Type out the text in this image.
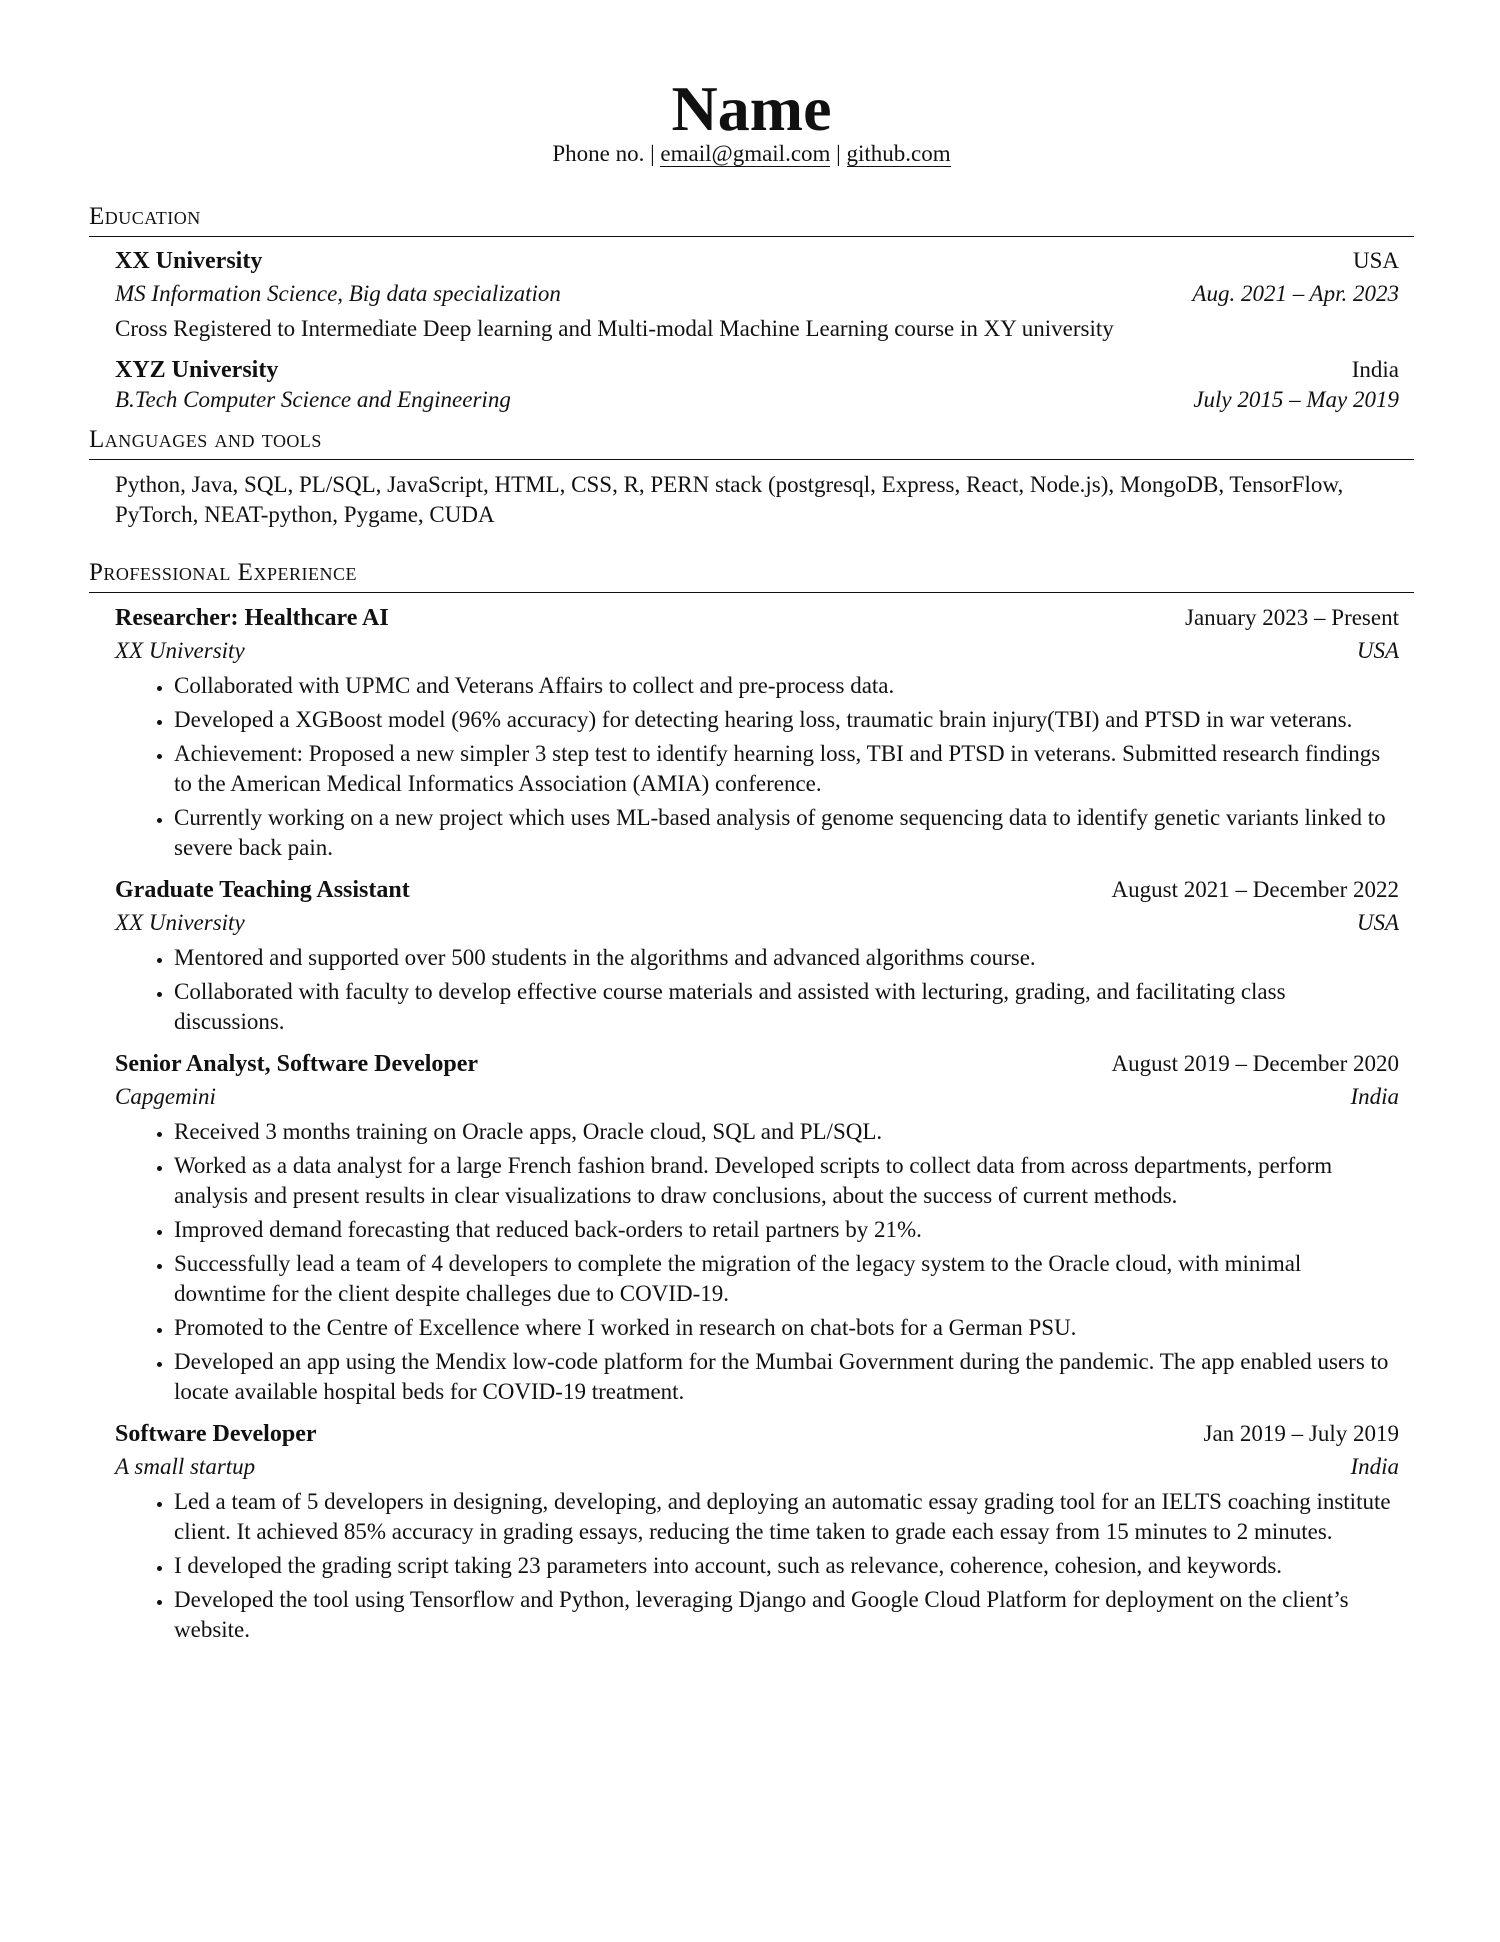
Name
Phone no. | email@gmail.com | github.com
Education
XX University	USA
MS Information Science, Big data specialization	Aug. 2021 – Apr. 2023
Cross Registered to Intermediate Deep learning and Multi-modal Machine Learning course in XY university
XYZ University	India
B.Tech Computer Science and Engineering	July 2015 – May 2019
Languages and tools
Python, Java, SQL, PL/SQL, JavaScript, HTML, CSS, R, PERN stack (postgresql, Express, React, Node.js), MongoDB, TensorFlow, PyTorch, NEAT-python, Pygame, CUDA
Professional Experience
Researcher: Healthcare AI	January 2023 – Present
XX University	USA
• Collaborated with UPMC and Veterans Affairs to collect and pre-process data.
• Developed a XGBoost model (96% accuracy) for detecting hearing loss, traumatic brain injury(TBI) and PTSD in war veterans.
• Achievement: Proposed a new simpler 3 step test to identify hearning loss, TBI and PTSD in veterans. Submitted research findings to the American Medical Informatics Association (AMIA) conference.
• Currently working on a new project which uses ML-based analysis of genome sequencing data to identify genetic variants linked to severe back pain.
Graduate Teaching Assistant	August 2021 – December 2022
XX University	USA
• Mentored and supported over 500 students in the algorithms and advanced algorithms course.
• Collaborated with faculty to develop effective course materials and assisted with lecturing, grading, and facilitating class discussions.
Senior Analyst, Software Developer	August 2019 – December 2020
Capgemini	India
• Received 3 months training on Oracle apps, Oracle cloud, SQL and PL/SQL.
• Worked as a data analyst for a large French fashion brand. Developed scripts to collect data from across departments, perform analysis and present results in clear visualizations to draw conclusions, about the success of current methods.
• Improved demand forecasting that reduced back-orders to retail partners by 21%.
• Successfully lead a team of 4 developers to complete the migration of the legacy system to the Oracle cloud, with minimal downtime for the client despite challeges due to COVID-19.
• Promoted to the Centre of Excellence where I worked in research on chat-bots for a German PSU.
• Developed an app using the Mendix low-code platform for the Mumbai Government during the pandemic. The app enabled users to locate available hospital beds for COVID-19 treatment.
Software Developer	Jan 2019 – July 2019
A small startup	India
• Led a team of 5 developers in designing, developing, and deploying an automatic essay grading tool for an IELTS coaching institute client. It achieved 85% accuracy in grading essays, reducing the time taken to grade each essay from 15 minutes to 2 minutes.
• I developed the grading script taking 23 parameters into account, such as relevance, coherence, cohesion, and keywords.
• Developed the tool using Tensorflow and Python, leveraging Django and Google Cloud Platform for deployment on the client’s website.
